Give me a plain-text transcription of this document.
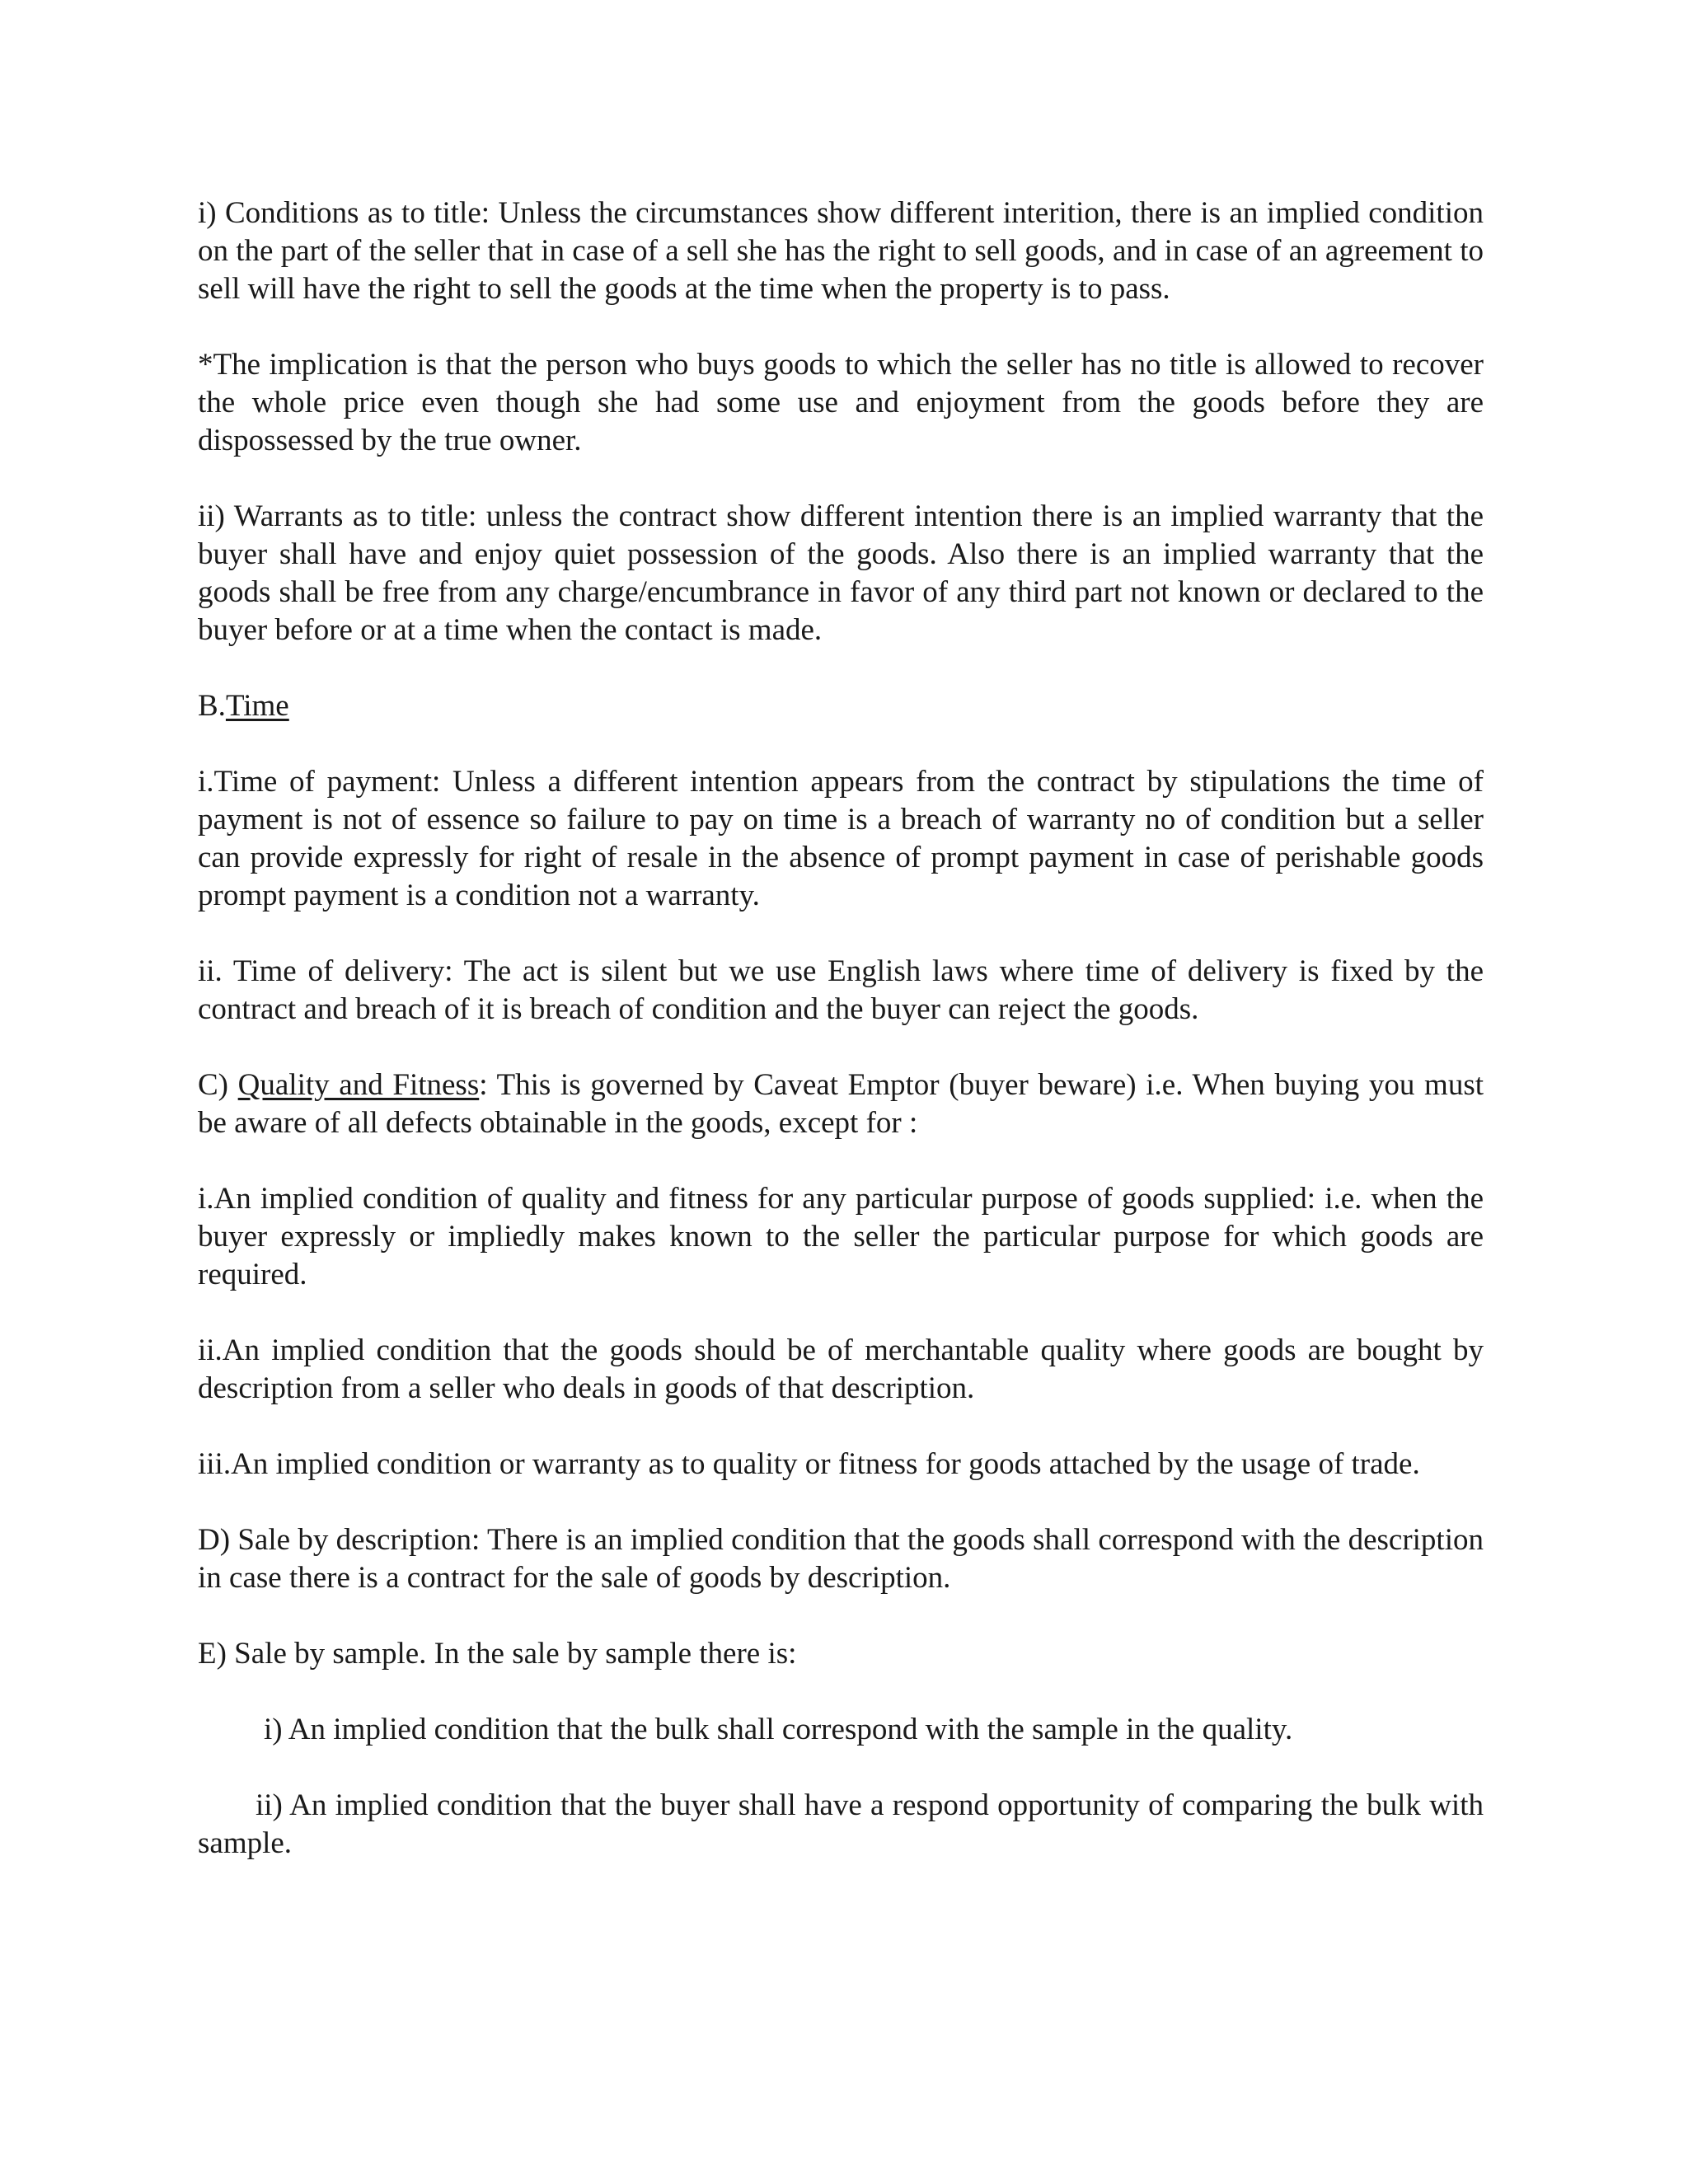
i) Conditions as to title: Unless the circumstances show different interition, there is an implied condition on the part of the seller that in case of a sell she has the right to sell goods, and in case of an agreement to sell will have the right to sell the goods at the time when the property is to pass.

*The implication is that the person who buys goods to which the seller has no title is allowed to recover the whole price even though she had some use and enjoyment from the goods before they are dispossessed by the true owner.

ii) Warrants as to title: unless the contract show different intention there is an implied warranty that the buyer shall have and enjoy quiet possession of the goods. Also there is an implied warranty that the goods shall be free from any charge/encumbrance in favor of any third part not known or declared to the buyer before or at a time when the contact is made.

B.Time

i.Time of payment: Unless a different intention appears from the contract by stipulations the time of payment is not of essence so failure to pay on time is a breach of warranty no of condition but a seller can provide expressly for right of resale in the absence of prompt payment in case of perishable goods prompt payment is a condition not a warranty.

ii. Time of delivery: The act is silent but we use English laws where time of delivery is fixed by the contract and breach of it is breach of condition and the buyer can reject the goods.

C) Quality and Fitness: This is governed by Caveat Emptor (buyer beware) i.e. When buying you must be aware of all defects obtainable in the goods, except for :

i.An implied condition of quality and fitness for any particular purpose of goods supplied: i.e. when the buyer expressly or impliedly makes known to the seller the particular purpose for which goods are required.

ii.An implied condition that the goods should be of merchantable quality where goods are bought by description from a seller who deals in goods of that description.

iii.An implied condition or warranty as to quality or fitness for goods attached by the usage of trade.

D) Sale by description: There is an implied condition that the goods shall correspond with the description in case there is a contract for the sale of goods by description.

E) Sale by sample. In the sale by sample there is:

i) An implied condition that the bulk shall correspond with the sample in the quality.

ii) An implied condition that the buyer shall have a respond opportunity of comparing the bulk with sample.
